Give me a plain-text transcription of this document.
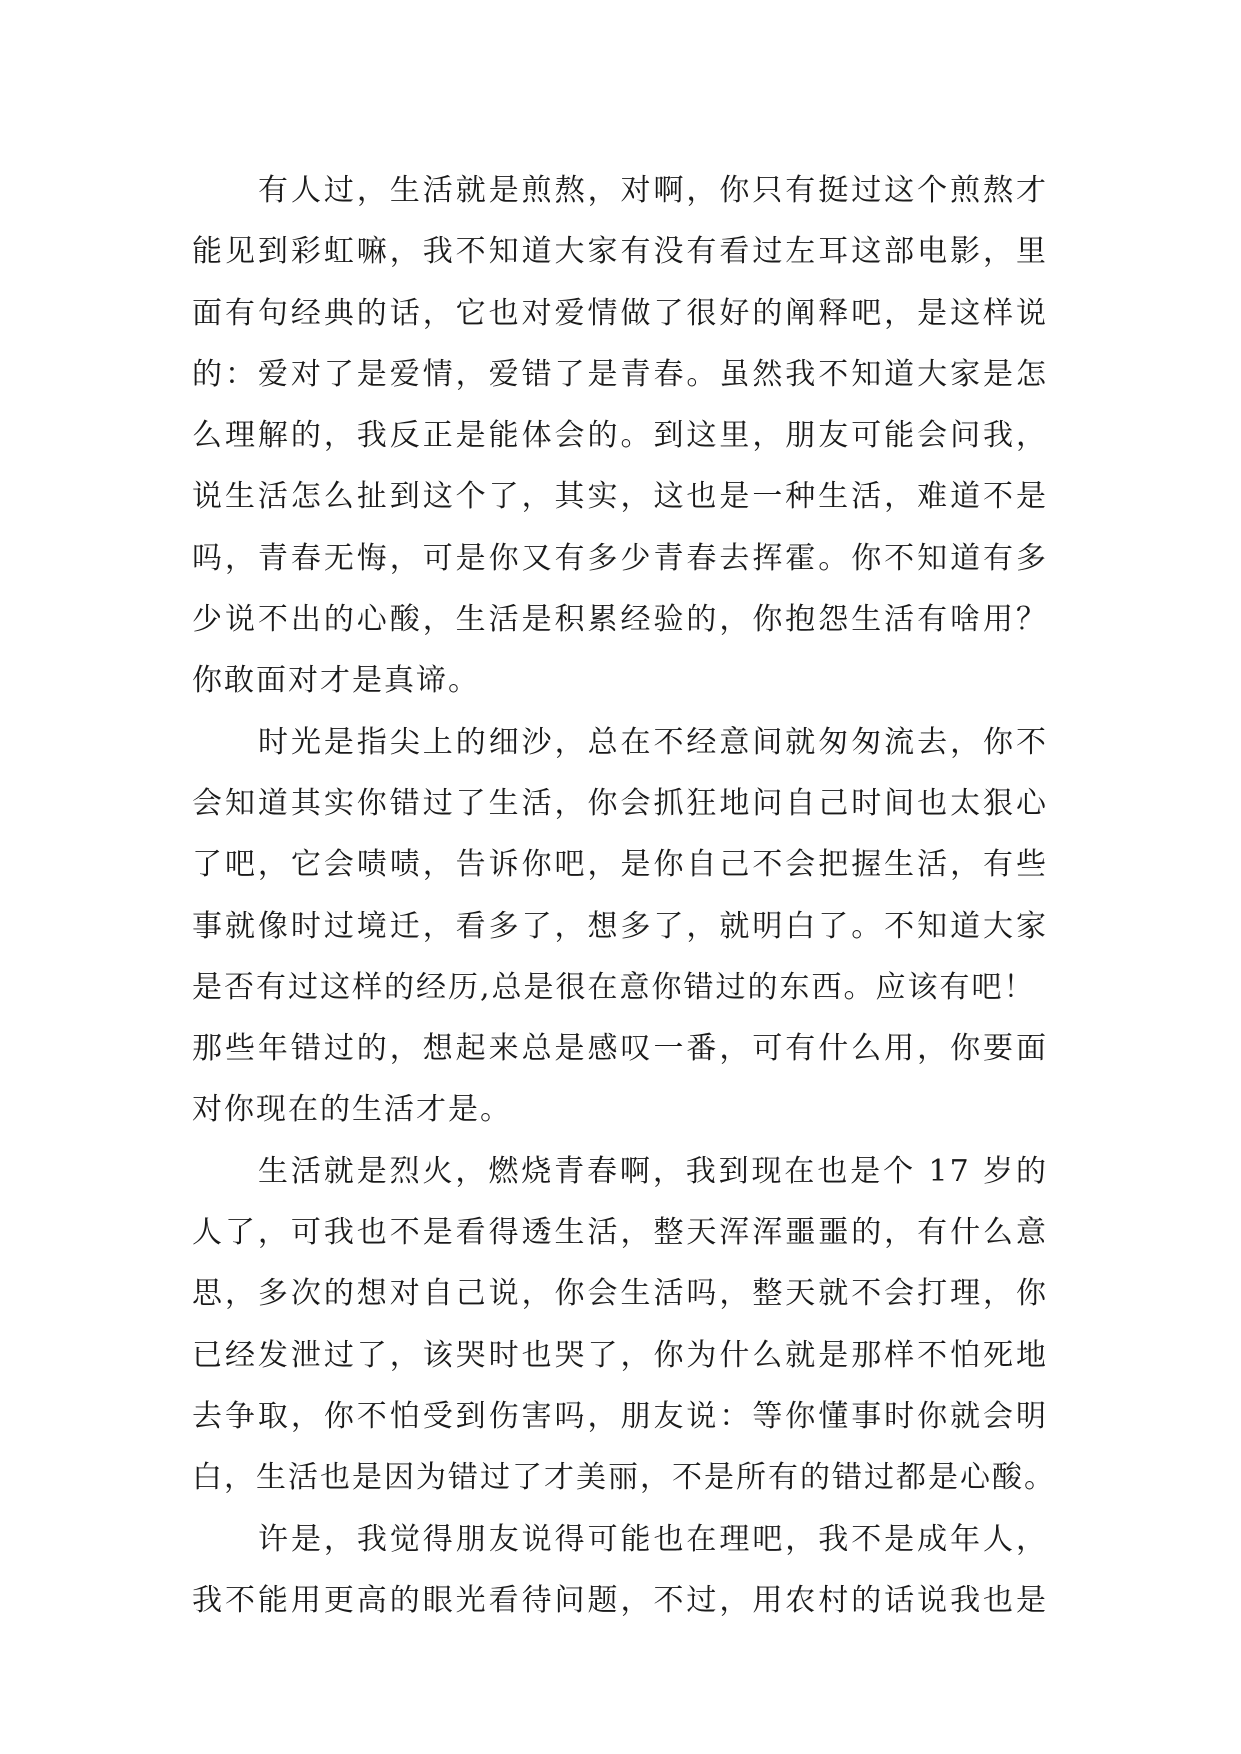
有人过，生活就是煎熬，对啊，你只有挺过这个煎熬才
能见到彩虹嘛，我不知道大家有没有看过左耳这部电影，里
面有句经典的话，它也对爱情做了很好的阐释吧，是这样说
的：爱对了是爱情，爱错了是青春。虽然我不知道大家是怎
么理解的，我反正是能体会的。到这里，朋友可能会问我，
说生活怎么扯到这个了，其实，这也是一种生活，难道不是
吗，青春无悔，可是你又有多少青春去挥霍。你不知道有多
少说不出的心酸，生活是积累经验的，你抱怨生活有啥用？
你敢面对才是真谛。
时光是指尖上的细沙，总在不经意间就匆匆流去，你不
会知道其实你错过了生活，你会抓狂地问自己时间也太狠心
了吧，它会啧啧，告诉你吧，是你自己不会把握生活，有些
事就像时过境迁，看多了，想多了，就明白了。不知道大家
是否有过这样的经历,总是很在意你错过的东西。应该有吧！
那些年错过的，想起来总是感叹一番，可有什么用，你要面
对你现在的生活才是。
生活就是烈火，燃烧青春啊，我到现在也是个 17 岁的
人了，可我也不是看得透生活，整天浑浑噩噩的，有什么意
思，多次的想对自己说，你会生活吗，整天就不会打理，你
已经发泄过了，该哭时也哭了，你为什么就是那样不怕死地
去争取，你不怕受到伤害吗，朋友说：等你懂事时你就会明
白，生活也是因为错过了才美丽，不是所有的错过都是心酸。
许是，我觉得朋友说得可能也在理吧，我不是成年人，
我不能用更高的眼光看待问题，不过，用农村的话说我也是
